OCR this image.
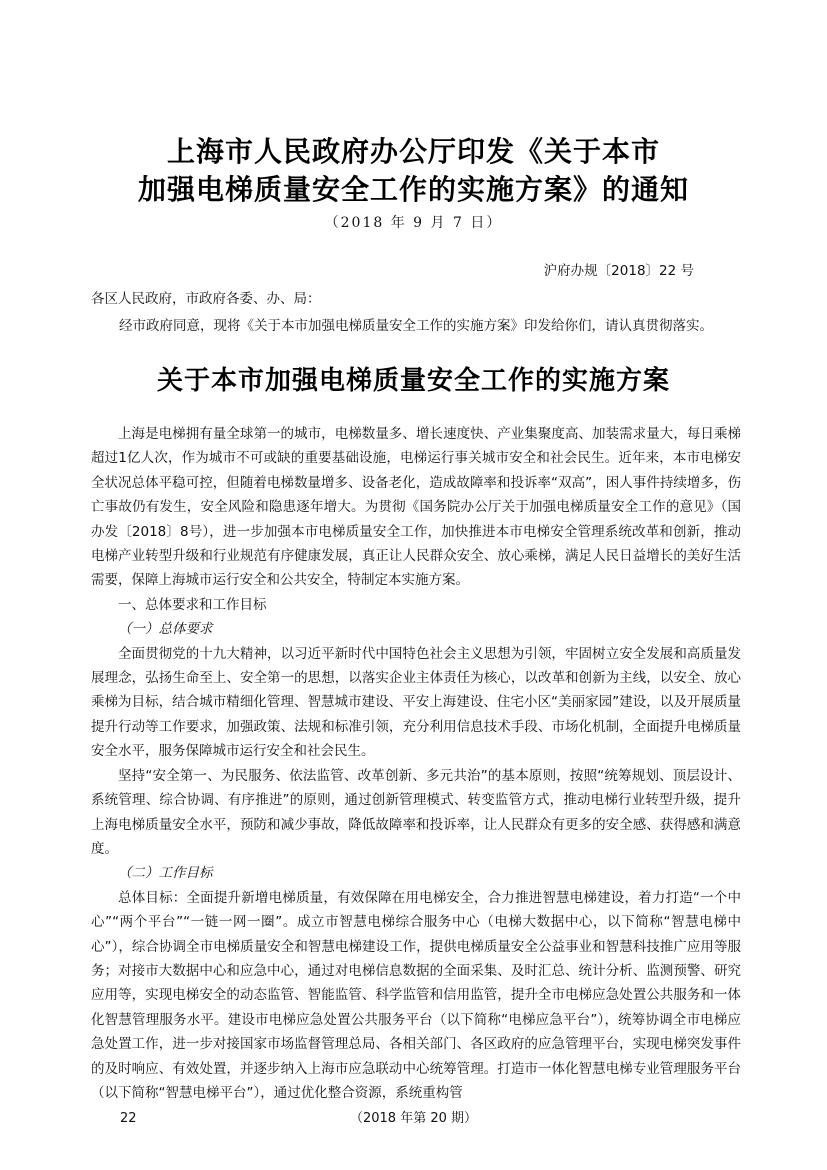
上海市人民政府办公厅印发《关于本市
加强电梯质量安全工作的实施方案》的通知
（2018 年 9 月 7 日）
沪府办规〔2018〕22 号
各区人民政府，市政府各委、办、局：
经市政府同意，现将《关于本市加强电梯质量安全工作的实施方案》印发给你们，请认真贯彻落实。
关于本市加强电梯质量安全工作的实施方案

上海是电梯拥有量全球第一的城市，电梯数量多、增长速度快、产业集聚度高、加装需求量大，每日乘梯超过1亿人次，作为城市不可或缺的重要基础设施，电梯运行事关城市安全和社会民生。近年来，本市电梯安全状况总体平稳可控，但随着电梯数量增多、设备老化，造成故障率和投诉率“双高”，困人事件持续增多，伤亡事故仍有发生，安全风险和隐患逐年增大。为贯彻《国务院办公厅关于加强电梯质量安全工作的意见》（国办发〔2018〕8号），进一步加强本市电梯质量安全工作，加快推进本市电梯安全管理系统改革和创新，推动电梯产业转型升级和行业规范有序健康发展，真正让人民群众安全、放心乘梯，满足人民日益增长的美好生活需要，保障上海城市运行安全和公共安全，特制定本实施方案。

一、总体要求和工作目标

（一）总体要求

全面贯彻党的十九大精神，以习近平新时代中国特色社会主义思想为引领，牢固树立安全发展和高质量发展理念，弘扬生命至上、安全第一的思想，以落实企业主体责任为核心，以改革和创新为主线，以安全、放心乘梯为目标，结合城市精细化管理、智慧城市建设、平安上海建设、住宅小区“美丽家园”建设，以及开展质量提升行动等工作要求，加强政策、法规和标准引领，充分利用信息技术手段、市场化机制，全面提升电梯质量安全水平，服务保障城市运行安全和社会民生。

坚持“安全第一、为民服务、依法监管、改革创新、多元共治”的基本原则，按照“统筹规划、顶层设计、系统管理、综合协调、有序推进”的原则，通过创新管理模式、转变监管方式，推动电梯行业转型升级，提升上海电梯质量安全水平，预防和减少事故，降低故障率和投诉率，让人民群众有更多的安全感、获得感和满意度。

（二）工作目标

总体目标：全面提升新增电梯质量，有效保障在用电梯安全，合力推进智慧电梯建设，着力打造“一个中心”“两个平台”“一链一网一圈”。成立市智慧电梯综合服务中心（电梯大数据中心，以下简称“智慧电梯中心”），综合协调全市电梯质量安全和智慧电梯建设工作，提供电梯质量安全公益事业和智慧科技推广应用等服务；对接市大数据中心和应急中心，通过对电梯信息数据的全面采集、及时汇总、统计分析、监测预警、研究应用等，实现电梯安全的动态监管、智能监管、科学监管和信用监管，提升全市电梯应急处置公共服务和一体化智慧管理服务水平。建设市电梯应急处置公共服务平台（以下简称“电梯应急平台”），统筹协调全市电梯应急处置工作，进一步对接国家市场监督管理总局、各相关部门、各区政府的应急管理平台，实现电梯突发事件的及时响应、有效处置，并逐步纳入上海市应急联动中心统筹管理。打造市一体化智慧电梯专业管理服务平台（以下简称“智慧电梯平台”），通过优化整合资源，系统重构管

22	（2018 年第 20 期）
